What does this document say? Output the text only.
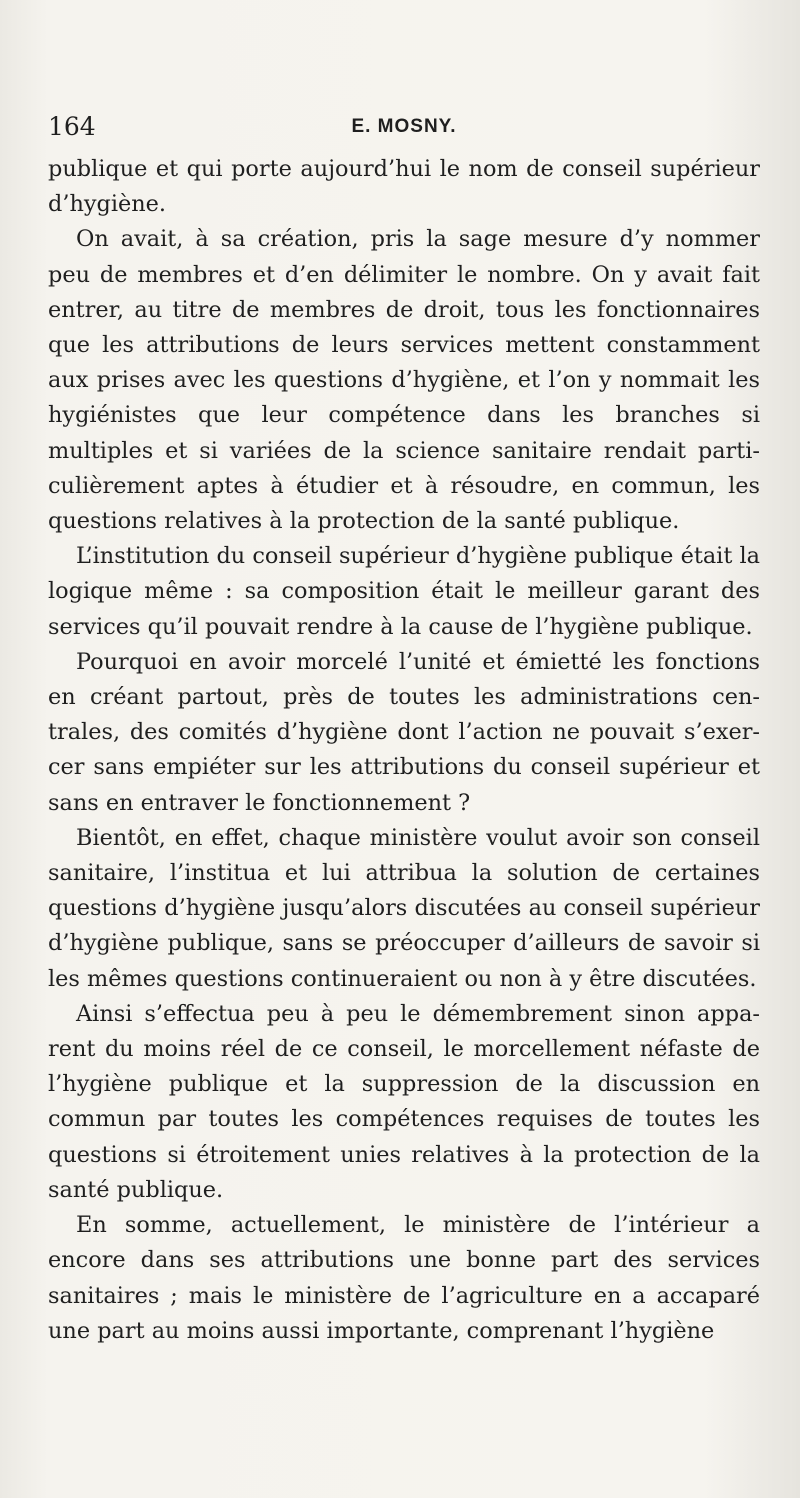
164	E. MOSNY.

publique et qui porte aujourd’hui le nom de conseil supérieur d’hygiène.

On avait, à sa création, pris la sage mesure d’y nommer peu de membres et d’en délimiter le nombre. On y avait fait entrer, au titre de membres de droit, tous les fonctionnaires que les attributions de leurs services mettent constamment aux prises avec les questions d’hygiène, et l’on y nommait les hygiénistes que leur compétence dans les branches si multiples et si variées de la science sanitaire rendait particulièrement aptes à étudier et à résoudre, en commun, les questions relatives à la protection de la santé publique.

L’institution du conseil supérieur d’hygiène publique était la logique même : sa composition était le meilleur garant des services qu’il pouvait rendre à la cause de l’hygiène publique.

Pourquoi en avoir morcelé l’unité et émietté les fonctions en créant partout, près de toutes les administrations centrales, des comités d’hygiène dont l’action ne pouvait s’exercer sans empiéter sur les attributions du conseil supérieur et sans en entraver le fonctionnement ?

Bientôt, en effet, chaque ministère voulut avoir son conseil sanitaire, l’institua et lui attribua la solution de certaines questions d’hygiène jusqu’alors discutées au conseil supérieur d’hygiène publique, sans se préoccuper d’ailleurs de savoir si les mêmes questions continueraient ou non à y être discutées.

Ainsi s’effectua peu à peu le démembrement sinon apparent du moins réel de ce conseil, le morcellement néfaste de l’hygiène publique et la suppression de la discussion en commun par toutes les compétences requises de toutes les questions si étroitement unies relatives à la protection de la santé publique.

En somme, actuellement, le ministère de l’intérieur a encore dans ses attributions une bonne part des services sanitaires ; mais le ministère de l’agriculture en a accaparé une part au moins aussi importante, comprenant l’hygiène
